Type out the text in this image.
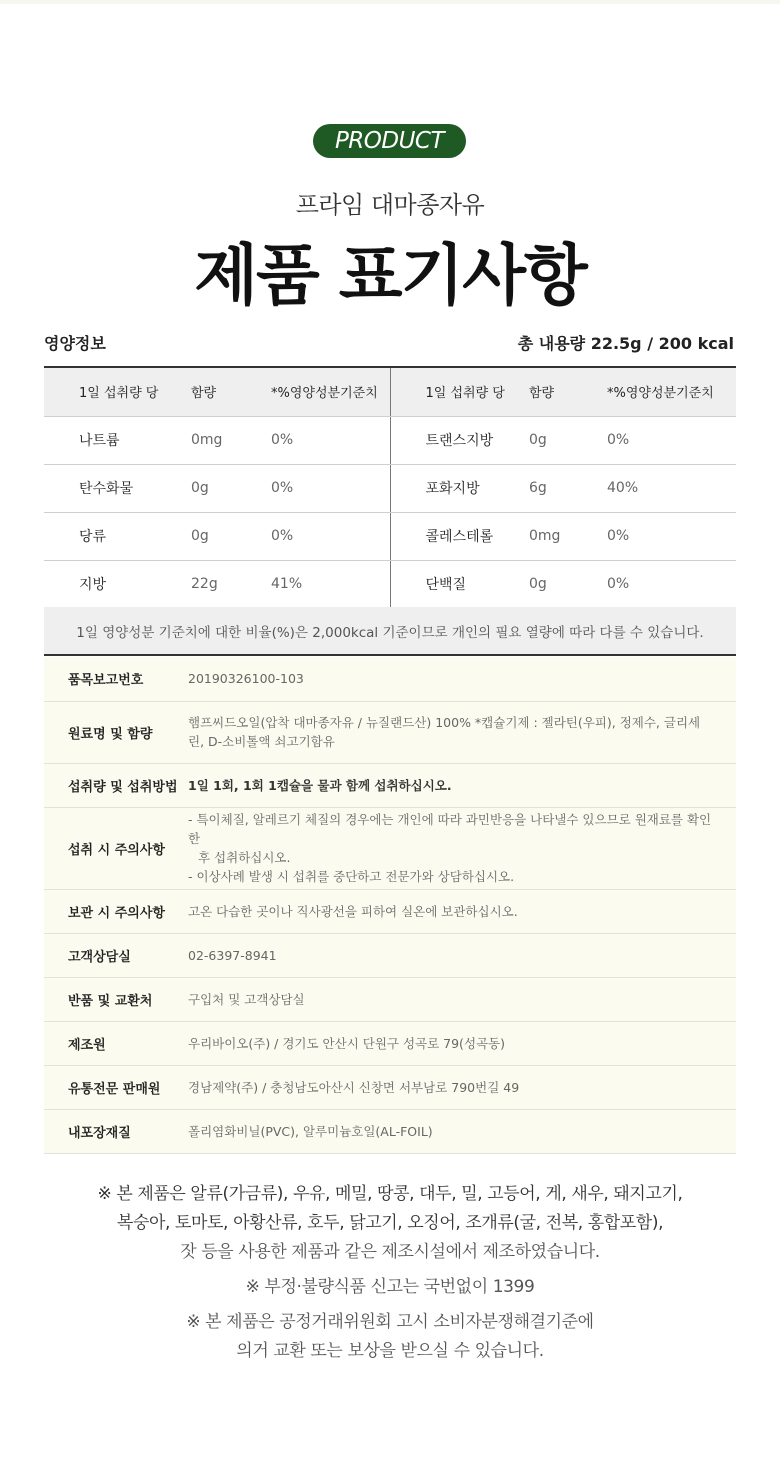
PRODUCT
프라임 대마종자유
제품 표기사항
영양정보	총 내용량 22.5g / 200 kcal
1일 섭취량 당	함량	*%영양성분기준치	1일 섭취량 당	함량	*%영양성분기준치
나트륨	0mg	0%	트랜스지방	0g	0%
탄수화물	0g	0%	포화지방	6g	40%
당류	0g	0%	콜레스테롤	0mg	0%
지방	22g	41%	단백질	0g	0%
1일 영양성분 기준치에 대한 비율(%)은 2,000kcal 기준이므로 개인의 필요 열량에 따라 다를 수 있습니다.
품목보고번호	20190326100-103
원료명 및 함량	햄프씨드오일(압착 대마종자유 / 뉴질랜드산) 100% *캡슐기제 : 젤라틴(우피), 정제수, 글리세린, D-소비톨액 쇠고기함유
섭취량 및 섭취방법	1일 1회, 1회 1캡슐을 물과 함께 섭취하십시오.
섭취 시 주의사항	- 특이체질, 알레르기 체질의 경우에는 개인에 따라 과민반응을 나타낼수 있으므로 원재료를 확인한
후 섭취하십시오.
- 이상사례 발생 시 섭취를 중단하고 전문가와 상담하십시오.

보관 시 주의사항	고온 다습한 곳이나 직사광선을 피하여 실온에 보관하십시오.
고객상담실	02-6397-8941
반품 및 교환처	구입처 및 고객상담실
제조원	우리바이오(주) / 경기도 안산시 단원구 성곡로 79(성곡동)
유통전문 판매원	경남제약(주) / 충청남도아산시 신창면 서부남로 790번길 49
내포장재질	폴리염화비닐(PVC), 알루미늄호일(AL-FOIL)

※ 본 제품은 알류(가금류), 우유, 메밀, 땅콩, 대두, 밀, 고등어, 게, 새우, 돼지고기,

복숭아, 토마토, 아황산류, 호두, 닭고기, 오징어, 조개류(굴, 전복, 홍합포함),

잣 등을 사용한 제품과 같은 제조시설에서 제조하였습니다.

※ 부정·불량식품 신고는 국번없이 1399

※ 본 제품은 공정거래위원회 고시 소비자분쟁해결기준에

의거 교환 또는 보상을 받으실 수 있습니다.
